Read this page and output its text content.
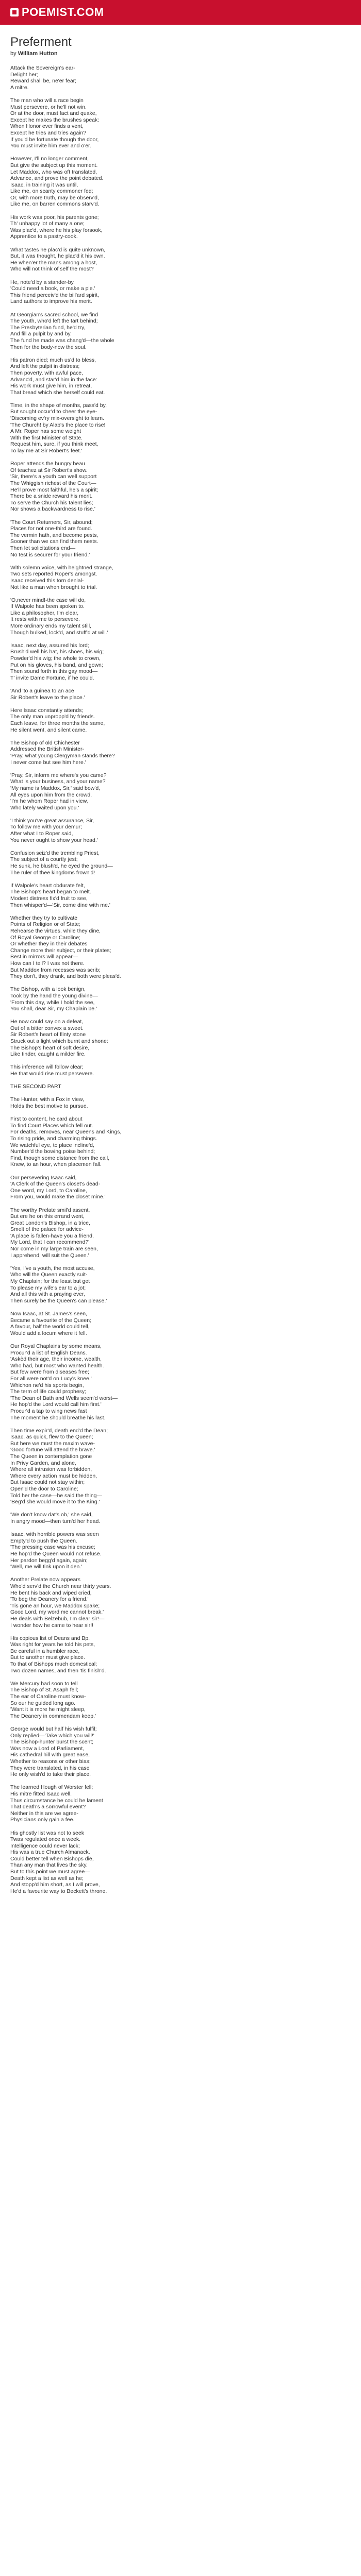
POEMIST.COM
Preferment
by William Hutton
Attack the Sovereign's ear-
Delight her;
Reward shall be, ne'er fear;
A mitre.
The man who will a race begin
Must persevere, or he'll not win.
Or at the door, must fact and quake,
Except he makes the brushes speak:
When Honor ever finds a vent,
Except he tries and tries again?
If you'd be fortunate though the door,
You must invite him ever and o'er.
However, I'll no longer comment,
But give the subject up this moment.
Let Maddox, who was oft translated,
Advance, and prove the point debated.
Isaac, in training it was until,
Like me, on scanty commoner fed;
Or, with more truth, may be observ'd,
Like me, on barren commons starv'd.
His work was poor, his parents gone;
Th' unhappy lot of many a one;
Was plac'd, where he his play forsook,
Apprentice to a pastry-cook.
What tastes he plac'd is quite unknown,
But, it was thought, he plac'd it his own.
He when'er the mans among a host,
Who will not think of self the most?
He, note'd by a stander-by,
'Could need a book, or make a pie.'
This friend perceiv'd the bill'ard spirit,
Land authors to improve his merit.
At Georgian's sacred school, we find
The youth, who'd left the tart behind;
The Presbyterian fund, he'd try,
And fill a pulpit by and by.
The fund he made was chang'd—the whole
Then for the body-now the soul.
His patron died; much us'd to bless,
And left the pulpit in distress;
Then poverty, with awful pace,
Advanc'd, and star'd him in the face:
His work must give him, in retreat,
That bread which she herself could eat.
Time, in the shape of months, pass'd by,
But sought occur'd to cheer the eye-
'Discoming ev'ry mix-oversight to learn.
'The Church! by Alab's the place to rise!
A Mr. Roper has some weight
With the first Minister of State.
Request him, sure, if you think meet,
To lay me at Sir Robert's feet.'
Roper attends the hungry beau
Of teachez at Sir Robert's show.
'Sir, there's a youth can well support
The Whiggish richest of the Court—
He'll prove most faithful, he's a spirit;
There be a snide reward his merit.
To serve the Church his talent lies;
Nor shows a backwardness to rise.'
'The Court Returners, Sir, abound;
Places for not one-third are found.
The vermin hath, and become pests,
Sooner than we can find them nests.
Then let solicitations end—
No test is securer for your friend.'
With solemn voice, with heightned strange,
Two sets reported Roper's amongst.
Isaac received this torn denial-
Not like a man when brought to trial.
'O,never mind!-the case will do,
If Walpole has been spoken to.
Like a philosopher, I'm clear,
It rests with me to persevere.
More ordinary ends my talent still,
Though bulked, lock'd, and stuff'd at will.'
Isaac, next day, assured his lord;
Brush'd well his hat, his shoes, his wig;
Powder'd his wig; the whole to crown,
Put on his gloves, his band, and gown;
Then sound forth in this gay mood—
T' invite Dame Fortune, if he could.
'And 'to a guinea to an ace
Sir Robert's leave to the place.'
Here Isaac constantly attends;
The only man unpropp'd by friends.
Each leave, for three months the same,
He silent went, and silent came.
The Bishop of old Chichester
Addressed the British Minister-
'Pray, what young Clergyman stands there?
I never come but see him here.'
'Pray, Sir, inform me where's you came?
What is your business, and your name?'
'My name is Maddox, Sir,' said bow'd,
All eyes upon him from the crowd.
'I'm he whom Roper had in view,
Who lately waited upon you.'
'I think you've great assurance, Sir,
To follow me with your demur;
After what I to Roper said,
You never ought to show your head.'
Confusion seiz'd the trembling Priest,
The subject of a courtly jest;
He sunk, he blush'd, he eyed the ground—
The ruler of thee kingdoms frown'd!
If Walpole's heart obdurate felt,
The Bishop's heart began to melt.
Modest distress fix'd fruit to see,
Then whisper'd—'Sir, come dine with me.'
Whether they try to cultivate
Points of Religion or of State;
Rehearse the virtues, while they dine,
Of Royal George or Caroline;
Or whether they in their debates
Change more their subject, or their plates;
Best in mirrors will appear—
How can I tell? I was not there.
But Maddox from recesses was scrib;
They don't, they drank, and both were pleas'd.
The Bishop, with a look benign,
Took by the hand the young divine—
'From this day, while I hold the see,
You shall, dear Sir, my Chaplain be.'
He now could say on a defeat,
Out of a bitter convex a sweet.
Sir Robert's heart of flinty stone
Struck out a light which burnt and shone:
The Bishop's heart of soft desire,
Like tinder, caught a milder fire.
This inference will follow clear;
He that would rise must persevere.
THE SECOND PART
The Hunter, with a Fox in view,
Holds the best motive to pursue.
First to content, he card about
To find Court Places which fell out.
For deaths, removes, near Queens and Kings,
To rising pride, and charming things.
We watchful eye, to place incline'd,
Number'd the bowing poise behind;
Find, though some distance from the call,
Knew, to an hour, when placemen fall.
Our persevering Isaac said,
'A Clerk of the Queen's closet's dead-
One word, my Lord, to Caroline,
From you, would make the closet mine.'
The worthy Prelate smil'd assent,
But ere he on this errand went,
Great London's Bishop, in a trice,
Smelt of the palace for advice-
'A place is fallen-have you a friend,
My Lord, that I can recommend?'
Nor come in my large train are seen,
I apprehend, will suit the Queen.'
'Yes, I've a youth, the most accuse,
Who will the Queen exactly suit-
My Chaplain; for the least but get
To please my wife's ear to a jot;
And all this with a praying ever,
Then surely be the Queen's can please.'
Now Isaac, at St. James's seen,
Became a favourite of the Queen;
A favour, half the world could tell,
Would add a locum where it fell.
Our Royal Chaplains by some means,
Procur'd a list of English Deans.
'Askèd their age, their income, wealth,
Who had, but most who wanted health.
But few were from diseases free;
For all were not'd on Lucy's knee.'
Whichon ne'd his sports begin,
The term of life could prophesy;
'The Dean of Bath and Wells seem'd worst—
He hop'd the Lord would call him first.'
Procur'd a tap to wing news fast
The moment he should breathe his last.
Then time expir'd, death end'd the Dean;
Isaac, as quick, flew to the Queen;
But here we must the maxim wave-
'Good fortune will attend the brave.'
The Queen in contemplation gone
In Privy Garden, and alone,
Where all intrusion was forbidden,
Where every action must be hidden,
But Isaac could not stay within;
Open'd the door to Caroline;
Told her the case—he said the thing—
'Beg'd she would move it to the King.'
'We don't know dat's ob,' she said,
In angry mood—then turn'd her head.
Isaac, with horrible powers was seen
Empty'd to push the Queen.
'The pressing case was his excuse;
He hop'd the Queen would not refuse.
Her pardon begg'd again, again;
'Well, me will tink upon it den.'
Another Prelate now appears
Who'd serv'd the Church near thirty years.
He bent his back and wiped cried,
'To beg the Deanery for a friend.'
'Tis gone an hour, we Maddox spake;
Good Lord, my word me cannot break.'
He deals with Belzebub, I'm clear sir!—
I wonder how he came to hear sir!!
His copious list of Deans and Bp.
Was right for years he told his pets,
Be careful in a humbler race,
But to another must give place.
To that of Bishops much domestical;
Two dozen names, and then 'tis finish'd.
We Mercury had soon to tell
The Bishop of St. Asaph fell;
The ear of Caroline must know-
So our he guided long ago.
'Want it is more he might sleep,
The Deanery in commendam keep.'
George would but half his wish fulfil;
Only replied—'Take which you will!'
The Bishop-hunter burst the scent;
Was now a Lord of Parliament,
His cathedral hill with great ease,
Whether to reasons or other bias;
They were translated, in his case
He only wish'd to take their place.
The learned Hough of Worster fell;
His mitre fitted Isaac well.
Thus circumstance he could he lament
That death's a sorrowful event?
Neither in this are we agree-
Physicians only gain a fee.
His ghostly list was not to seek
Twas regulated once a week.
Intelligence could never lack;
His was a true Church Almanack.
Could better tell when Bishops die,
Than any man that lives the sky.
But to this point we must agree—
Death kept a list as well as he;
And stopp'd him short, as I will prove,
He'd a favourite way to Beckett's throne.
